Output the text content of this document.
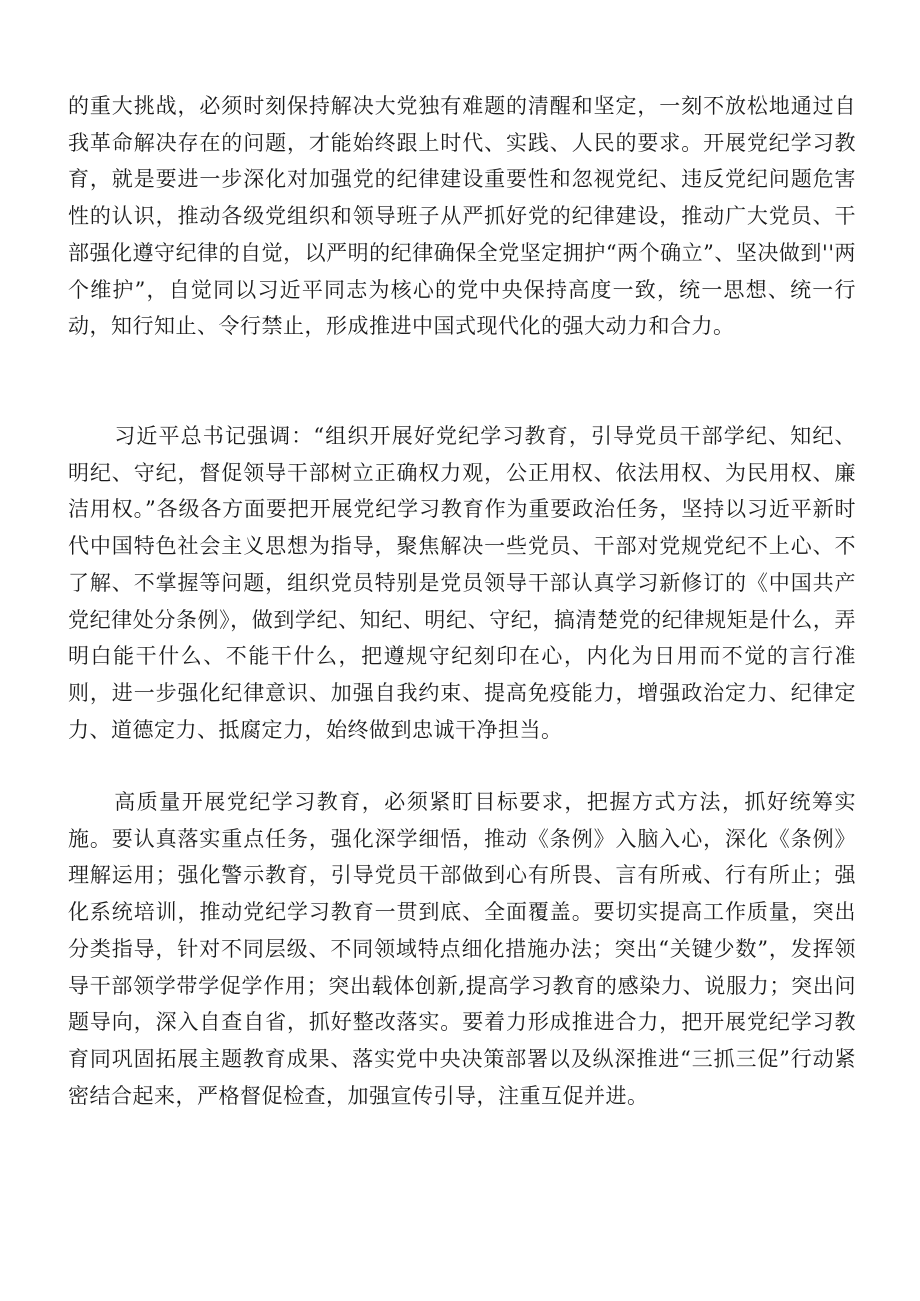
的重大挑战，必须时刻保持解决大党独有难题的清醒和坚定，一刻不放松地通过自我革命解决存在的问题，才能始终跟上时代、实践、人民的要求。开展党纪学习教育，就是要进一步深化对加强党的纪律建设重要性和忽视党纪、违反党纪问题危害性的认识，推动各级党组织和领导班子从严抓好党的纪律建设，推动广大党员、干部强化遵守纪律的自觉，以严明的纪律确保全党坚定拥护“两个确立”、坚决做到''两个维护”，自觉同以习近平同志为核心的党中央保持高度一致，统一思想、统一行动，知行知止、令行禁止，形成推进中国式现代化的强大动力和合力。

习近平总书记强调：“组织开展好党纪学习教育，引导党员干部学纪、知纪、明纪、守纪，督促领导干部树立正确权力观，公正用权、依法用权、为民用权、廉洁用权。”各级各方面要把开展党纪学习教育作为重要政治任务，坚持以习近平新时代中国特色社会主义思想为指导，聚焦解决一些党员、干部对党规党纪不上心、不了解、不掌握等问题，组织党员特别是党员领导干部认真学习新修订的《中国共产党纪律处分条例》，做到学纪、知纪、明纪、守纪，搞清楚党的纪律规矩是什么，弄明白能干什么、不能干什么，把遵规守纪刻印在心，内化为日用而不觉的言行准则，进一步强化纪律意识、加强自我约束、提高免疫能力，增强政治定力、纪律定力、道德定力、抵腐定力，始终做到忠诚干净担当。

高质量开展党纪学习教育，必须紧盯目标要求，把握方式方法，抓好统筹实施。要认真落实重点任务，强化深学细悟，推动《条例》入脑入心，深化《条例》理解运用；强化警示教育，引导党员干部做到心有所畏、言有所戒、行有所止；强化系统培训，推动党纪学习教育一贯到底、全面覆盖。要切实提高工作质量，突出分类指导，针对不同层级、不同领域特点细化措施办法；突出“关键少数”，发挥领导干部领学带学促学作用；突出载体创新,提高学习教育的感染力、说服力；突出问题导向，深入自查自省，抓好整改落实。要着力形成推进合力，把开展党纪学习教育同巩固拓展主题教育成果、落实党中央决策部署以及纵深推进“三抓三促”行动紧密结合起来，严格督促检查，加强宣传引导，注重互促并进。
